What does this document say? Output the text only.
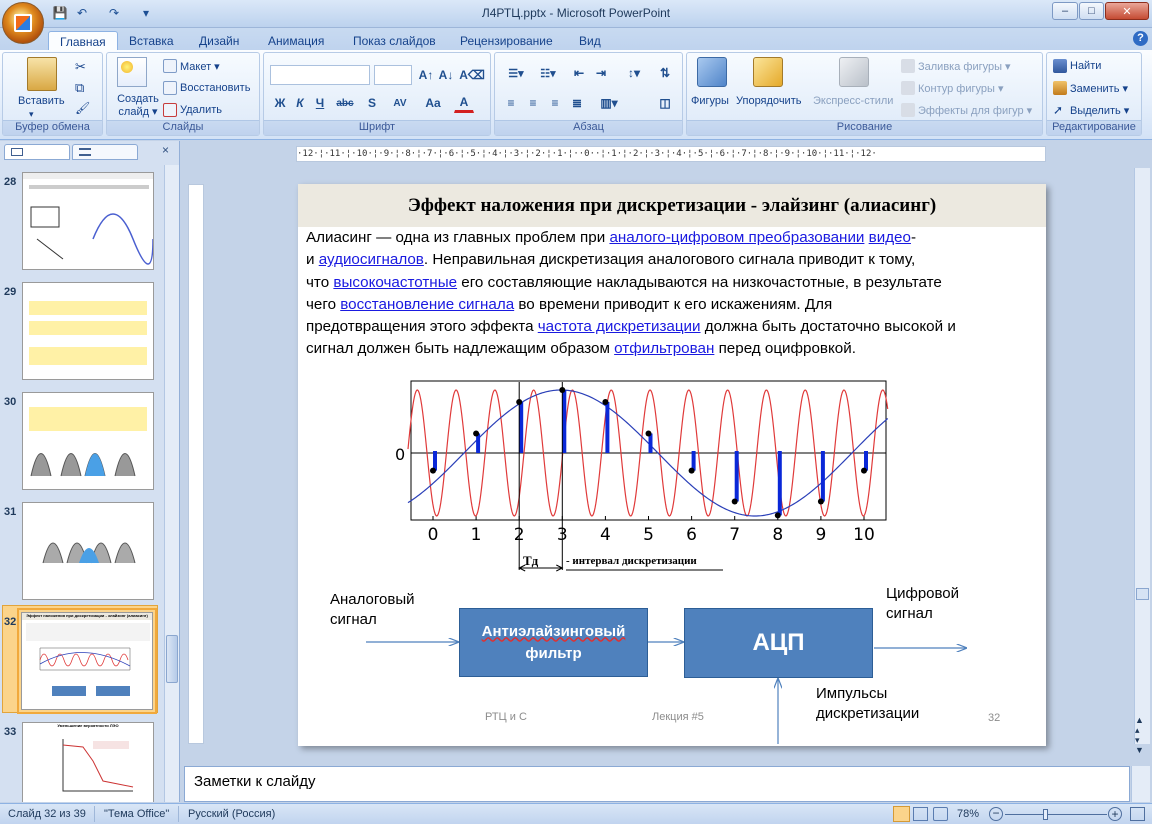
💾 ↶ ↷	▾	Л4РТЦ.pptx - Microsoft PowerPoint	–	□	✕
Главная	Вставка	Дизайн	Анимация	Показ слайдов	Рецензирование	Вид	?
Вставить
▾
✂
⧉
🖌
Буфер обмена
Создать слайд ▾
Макет ▾
Восстановить
Удалить
Слайды
A↑ A↓ A⌫
Ж К	Ч	abc	S	AV	Aa	A
Шрифт
☰▾	☷▾	⇤ ⇥	↕▾	⇅
≡	≡	≡	≣	▥▾	◫
Абзац
Фигуры Упорядочить Экспресс-стили
Заливка фигуры ▾
Контур фигуры ▾
Эффекты для фигур ▾
Рисование
Найти
Заменить ▾
➚ Выделить ▾
Редактирование
×
28
29
30
31
32
Эффект наложения при дискретизации - элайзинг (алиасинг)
33
Уменьшение вероятности ЛЭО
·12·¦·11·¦·10·¦·9·¦·8·¦·7·¦·6·¦·5·¦·4·¦·3·¦·2·¦·1·¦··0··¦·1·¦·2·¦·3·¦·4·¦·5·¦·6·¦·7·¦·8·¦·9·¦·10·¦·11·¦·12·
▲
▴
▾
▼
Эффект наложения при дискретизации - элайзинг (алиасинг)
Алиасинг — одна из главных проблем при аналого-цифровом преобразовании видео-
и аудиосигналов. Неправильная дискретизация аналогового сигнала приводит к тому,
что высокочастотные его составляющие накладываются на низкочастотные, в результате
чего восстановление сигнала во времени приводит к его искажениям. Для
предотвращения этого эффекта частота дискретизации должна быть достаточно высокой и
сигнал должен быть надлежащим образом отфильтрован перед оцифровкой.
0
0 1 2 3 4 5 6 7 8 9 10
Tд	- интервал дискретизации
Аналоговый
сигнал
Цифровой
сигнал
Антиэлайзинговый
фильтр	АЦП
Импульсы
дискретизации
РТЦ и С	Лекция #5	32
Заметки к слайду
Слайд 32 из 39 "Тема Office" Русский (Россия)	78% −	+
